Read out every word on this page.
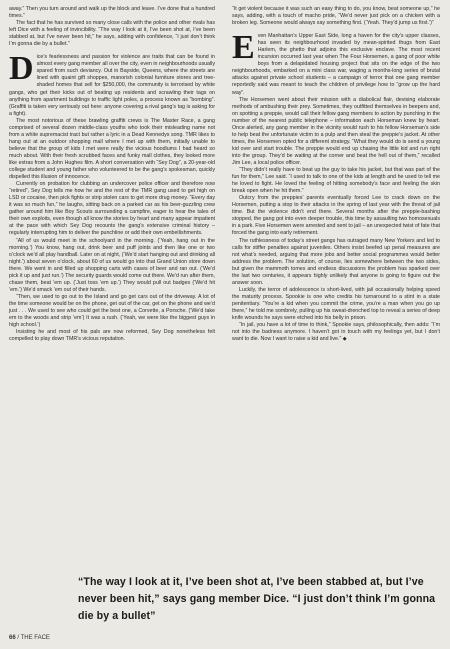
away.” Then you turn around and walk up the block and leave. I’ve done that a hundred times.”

The fact that he has survived so many close calls with the police and other rivals has left Dice with a feeling of invincibility. “The way I look at it, I’ve been shot at, I’ve been stabbed at, but I’ve never been hit,” he says, adding with confidence, “I just don’t think I’m gonna die by a bullet.”

Dice’s fearlessness and passion for violence are traits that can be found in almost every gang member all over the city, even in neighbourhoods usually spared from such deviancy. Out in Bayside, Queens, where the streets are lined with quaint gift shoppes, manorish colonial furniture stores and tree-shaded homes that sell for $250,000, the community is terrorised by white gangs, who get their kicks out of beating up residents and scrawling their tags on anything from apartment buildings to traffic light poles, a process known as “bombing”. (Graffiti is taken very seriously out here: anyone covering a rival gang’s tag is asking for a fight).

The most notorious of these brawling graffiti crews is The Master Race, a gang comprised of several dozen middle-class youths who took their misleading name not from a white supremacist tract but rather a lyric in a Dead Kennedys song. TMR likes to hang out at an outdoor shopping mall where I met up with them, initially unable to believe that the group of kids I met were really the vicious hoodlums I had heard so much about. With their fresh scrubbed faces and funky mall clothes, they looked more like extras from a John Hughes film. A short conversation with “Sey Dog”, a 20-year-old college student and young father who volunteered to be the gang’s spokesman, quickly dispelled this illusion of innocence.

Currently on probation for clubbing an undercover police officer and therefore now “retired”, Sey Dog tells me how he and the rest of the TMR gang used to get high on LSD or cocaine, then pick fights or strip stolen cars to get more drug money. “Every day it was so much fun,” he laughs, sitting back on a parked car as his beer-guzzling crew gather around him like Boy Scouts surrounding a campfire, eager to hear the tales of their own exploits, even though all know the stories by heart and many appear impatient at the pace with which Sey Dog recounts the gang’s extensive criminal history – regularly interrupting him to deliver the punchline or add their own embellishments.

“All of us would meet in the schoolyard in the morning. (‘Yeah, hang out in the morning.’) You know, hang out, drink beer and puff joints and then like one or two o’clock we’d all play handball. Later on at night, (‘We’d start hanging out and drinking all night.’) about seven o’clock, about 60 of us would go into that Grand Union store down there. We went in and filled up shopping carts with cases of beer and ran out. (‘We’d pick it up and just run.’) The security guards would come out there. We’d run after them, chase them, beat ’em up. (‘Just toss ’em up.’) They would pull out badges (‘We’d hit ’em.’) We’d smack ’em out of their hands.

“Then, we used to go out to the Island and go get cars out of the driveway. A lot of the time someone would be on the phone, get out of the car, get on the phone and we’d just . . . We used to see who could get the best one, a Corvette, a Porsche. (‘We’d take em to the woods and strip ’em’) It was a rush. (‘Yeah, we were like the biggest guys in high school.’)

Insisting he and most of his pals are now reformed, Sey Dog nonetheless felt compelled to play down TMR’s vicious reputation.

“It get violent because it was such an easy thing to do, you know, beat someone up,” he says, adding, with a touch of macho pride, “We’d never just pick on a chicken with a broken leg. Someone would always say something first. (‘Yeah. They’d jump us first.’)”

Even Manhattan’s Upper East Side, long a haven for the city’s upper classes, has seen its neighbourhood invaded by mean-spirited thugs from East Harlem, the ghetto that adjoins this exclusive enclave. The most recent incursion occurred last year when The Four Horsemen, a gang of poor white boys from a delapidated housing project that sits on the edge of the two neighbourhoods, embarked on a mini class war, waging a months-long series of brutal attacks against private school students – a campaign of terror that one gang member reportedly said was meant to teach the children of privilege how to “grow up the hard way”.

The Horsemen went about their mission with a diabolical flair, devising elaborate methods of ambushing their prey. Sometimes, they outfitted themselves in beepers and, on spotting a preppie, would call their fellow gang members to action by punching in the number of the nearest public telephone – information each Horseman knew by heart. Once alerted, any gang member in the vicinity would rush to his fellow Horseman’s side to help beat the unfortunate victim to a pulp and then steal the preppie’s jacket. At other times, the Horsemen opted for a different strategy. “What they would do is send a young kid over and start trouble. The preppie would end up chasing the little kid and run right into the group. They’d be waiting at the corner and beat the hell out of them,” recalled Jim Lee, a local police officer.

“They didn’t really have to beat up the guy to take his jacket, but that was part of the fun for them,” Lee said. “I used to talk to one of the kids at length and he used to tell me he loved to fight. He loved the feeling of hitting somebody’s face and feeling the skin break open when he hit them.”

Outcry from the preppies’ parents eventually forced Lee to crack down on the Horsemen, putting a stop to their attacks in the spring of last year with the threat of jail time. But the violence didn’t end there. Several months after the preppie-bashing stopped, the gang got into even deeper trouble, this time by assaulting two homosexuals in a park. Five Horsemen were arrested and sent to jail – an unexpected twist of fate that forced the gang into early retirement.

The ruthlessness of today’s street gangs has outraged many New Yorkers and led to calls for stiffer penalties against juveniles. Others insist beefed up penal measures are not what’s needed, arguing that more jobs and better social programmes would better address the problem. The solution, of course, lies somewhere between the two sides, but given the mammoth tomes and endless discussions the problem has sparked over the last two centuries, it appears highly unlikely that anyone is going to figure out the answer soon.

Luckily, the terror of adolescence is short-lived, with jail occasionally helping speed the maturity process. Spookie is one who credits his turnaround to a stint in a state penitentiary. “You’re a kid when you commit the crime, you’re a man when you go up there,” he told me sombrely, pulling up his sweat-drenched top to reveal a series of deep knife wounds he says were etched into his belly in prison.

“In jail, you have a lot of time to think,” Spookie says, philosophically, then adds: “I’m not into the badness anymore. I haven’t got in touch with my feelings yet, but I don’t want to die. Now I want to raise a kid and live.” ◆

“The way I look at it, I’ve been shot at, I’ve been stabbed at, but I’ve never been hit,” says gang member Dice. “I just don’t think I’m gonna die by a bullet”
66 / THE FACE
